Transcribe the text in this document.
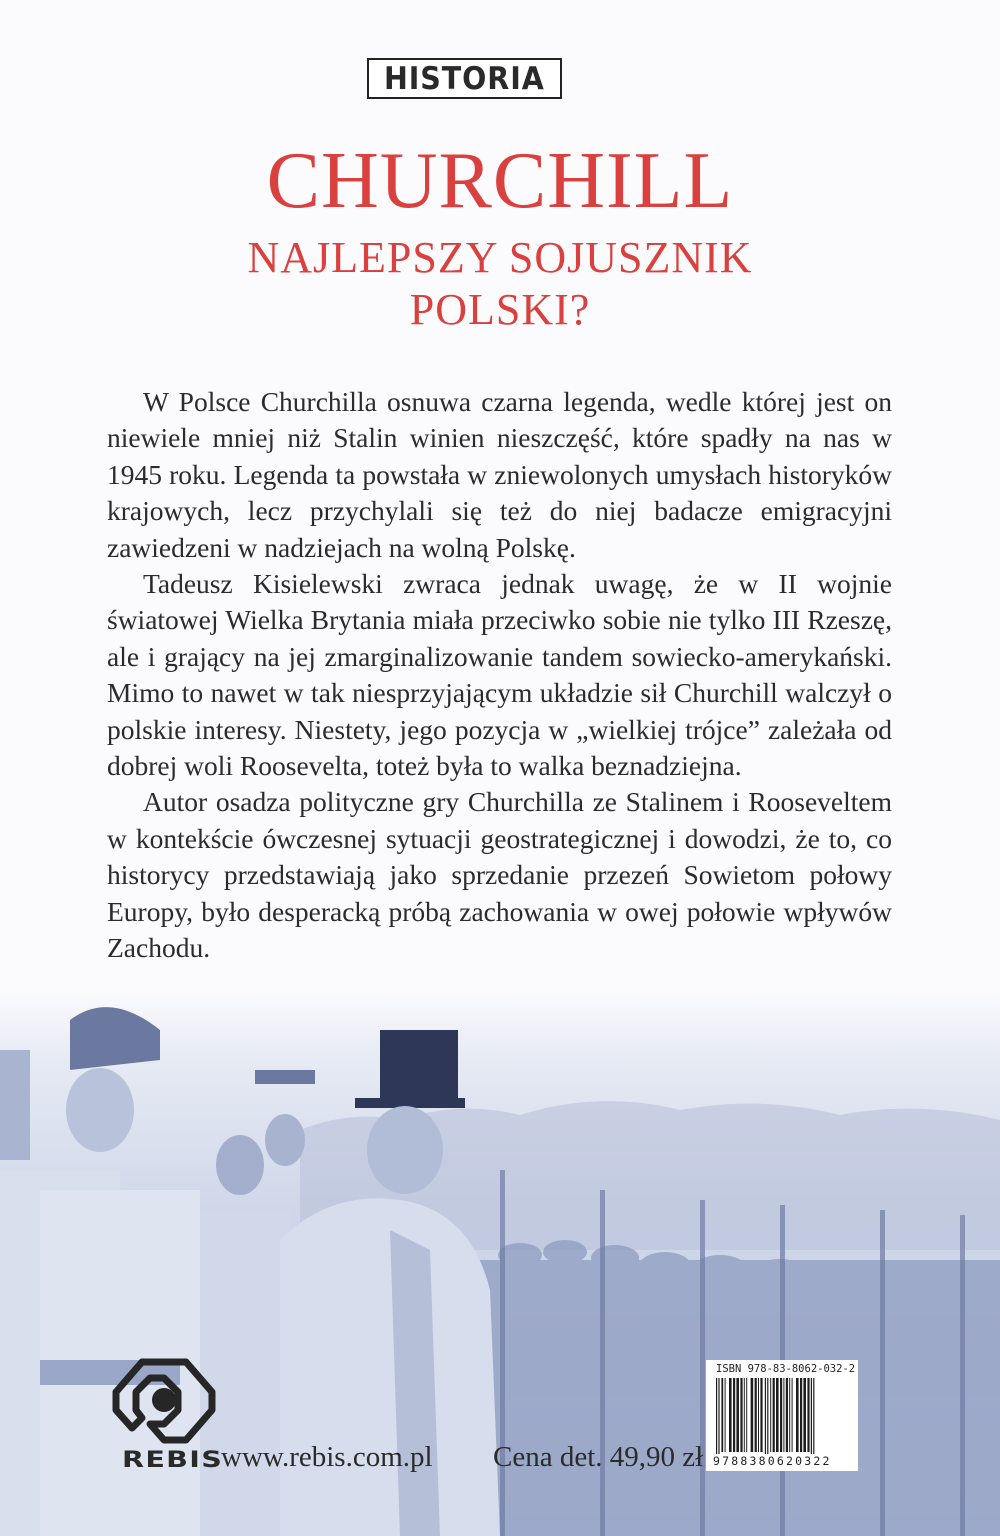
HISTORIA
CHURCHILL
NAJLEPSZY SOJUSZNIK
POLSKI?

W Polsce Churchilla osnuwa czarna legenda, wedle której jest on niewiele mniej niż Stalin winien nieszczęść, które spadły na nas w 1945 roku. Legenda ta powstała w zniewolonych umysłach historyków krajowych, lecz przychylali się też do niej badacze emigracyjni zawiedzeni w nadziejach na wolną Polskę.

Tadeusz Kisielewski zwraca jednak uwagę, że w II wojnie światowej Wielka Brytania miała przeciwko sobie nie tylko III Rzeszę, ale i grający na jej zmarginalizowanie tandem sowiecko-amerykański. Mimo to nawet w tak niesprzyjającym układzie sił Churchill walczył o polskie interesy. Niestety, jego pozycja w „wielkiej trójce” zależała od dobrej woli Roosevelta, toteż była to walka beznadziejna.

Autor osadza polityczne gry Churchilla ze Stalinem i Rooseveltem w kontekście ówczesnej sytuacji geostrategicznej i dowodzi, że to, co historycy przedstawiają jako sprzedanie przezeń Sowietom połowy Europy, było desperacką próbą zachowania w owej połowie wpływów Zachodu.

REBIS
www.rebis.com.pl Cena det. 49,90 zł
ISBN 978-83-8062-032-2
9788380620322
